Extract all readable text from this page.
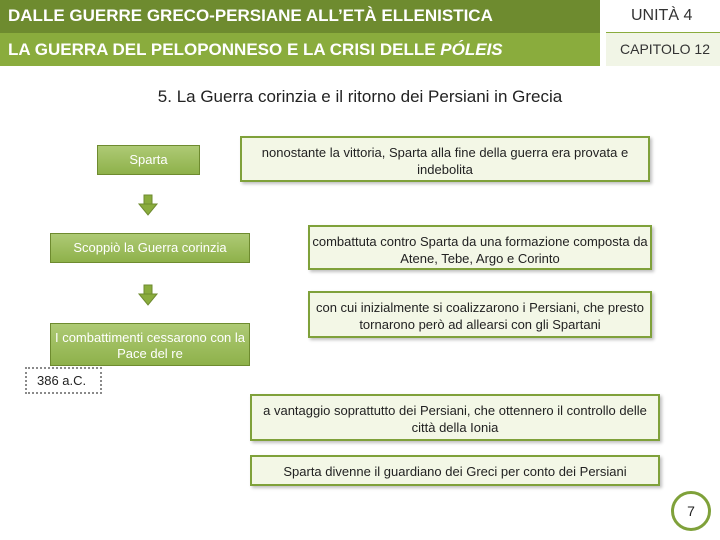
DALLE GUERRE GRECO-PERSIANE ALL’ETÀ ELLENISTICA
LA GUERRA DEL PELOPONNESO E LA CRISI DELLE PÓLEIS
UNITÀ 4
CAPITOLO 12
5. La Guerra corinzia e il ritorno dei Persiani in Grecia
Sparta
Scoppiò la Guerra corinzia
I combattimenti cessarono con la Pace del re
386 a.C.
nonostante la vittoria, Sparta alla fine della guerra era provata e indebolita
combattuta contro Sparta da una formazione composta da Atene, Tebe, Argo e Corinto
con cui inizialmente si coalizzarono i Persiani, che presto tornarono però ad allearsi con gli Spartani
a vantaggio soprattutto dei Persiani, che ottennero il controllo delle città della Ionia
Sparta divenne il guardiano dei Greci per conto dei Persiani
7
